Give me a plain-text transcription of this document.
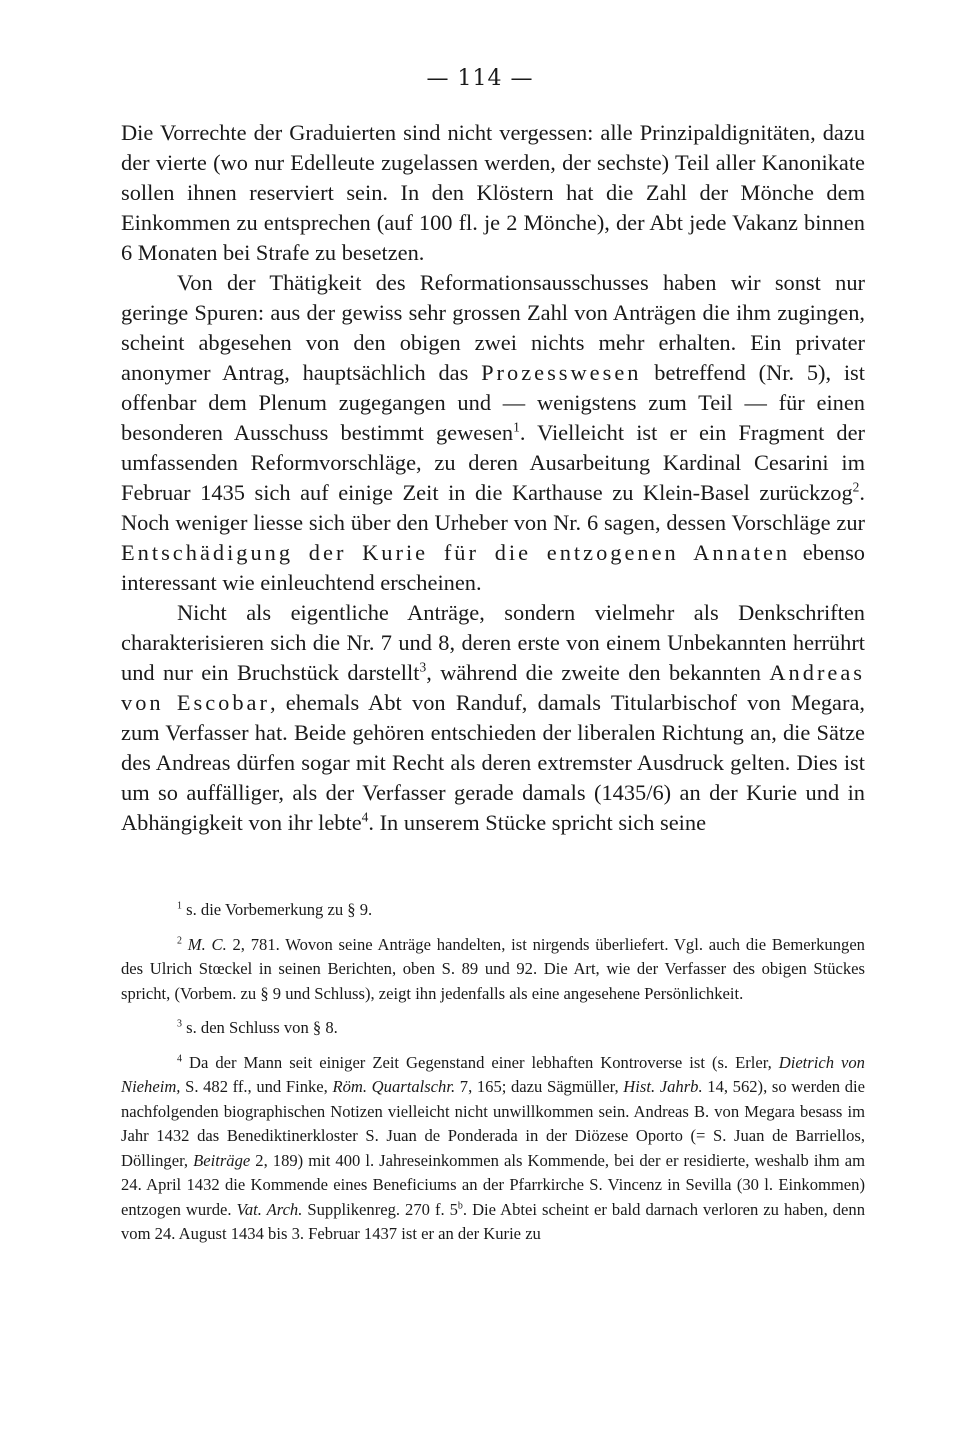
— 114 —

Die Vorrechte der Graduierten sind nicht vergessen: alle Prinzipaldignitäten, dazu der vierte (wo nur Edelleute zugelassen werden, der sechste) Teil aller Kanonikate sollen ihnen reserviert sein. In den Klöstern hat die Zahl der Mönche dem Einkommen zu entsprechen (auf 100 fl. je 2 Mönche), der Abt jede Vakanz binnen 6 Monaten bei Strafe zu besetzen.

Von der Thätigkeit des Reformationsausschusses haben wir sonst nur geringe Spuren: aus der gewiss sehr grossen Zahl von Anträgen die ihm zugingen, scheint abgesehen von den obigen zwei nichts mehr erhalten. Ein privater anonymer Antrag, hauptsächlich das Prozesswesen betreffend (Nr. 5), ist offenbar dem Plenum zugegangen und — wenigstens zum Teil — für einen besonderen Ausschuss bestimmt gewesen$^1$. Vielleicht ist er ein Fragment der umfassenden Reformvorschläge, zu deren Ausarbeitung Kardinal Cesarini im Februar 1435 sich auf einige Zeit in die Karthause zu Klein-Basel zurückzog$^2$. Noch weniger liesse sich über den Urheber von Nr. 6 sagen, dessen Vorschläge zur Entschädigung der Kurie für die entzogenen Annaten ebenso interessant wie einleuchtend erscheinen.

Nicht als eigentliche Anträge, sondern vielmehr als Denkschriften charakterisieren sich die Nr. 7 und 8, deren erste von einem Unbekannten herrührt und nur ein Bruchstück darstellt$^3$, während die zweite den bekannten Andreas von Escobar, ehemals Abt von Randuf, damals Titularbischof von Megara, zum Verfasser hat. Beide gehören entschieden der liberalen Richtung an, die Sätze des Andreas dürfen sogar mit Recht als deren extremster Ausdruck gelten. Dies ist um so auffälliger, als der Verfasser gerade damals (1435/6) an der Kurie und in Abhängigkeit von ihr lebte$^4$. In unserem Stücke spricht sich seine

$^1$ s. die Vorbemerkung zu § 9.

$^2$ M. C. 2, 781. Wovon seine Anträge handelten, ist nirgends überliefert. Vgl. auch die Bemerkungen des Ulrich Stœckel in seinen Berichten, oben S. 89 und 92. Die Art, wie der Verfasser des obigen Stückes spricht, (Vorbem. zu § 9 und Schluss), zeigt ihn jedenfalls als eine angesehene Persönlichkeit.

$^3$ s. den Schluss von § 8.

$^4$ Da der Mann seit einiger Zeit Gegenstand einer lebhaften Kontroverse ist (s. Erler, Dietrich von Nieheim, S. 482 ff., und Finke, Röm. Quartalschr. 7, 165; dazu Sägmüller, Hist. Jahrb. 14, 562), so werden die nachfolgenden biographischen Notizen vielleicht nicht unwillkommen sein. Andreas B. von Megara besass im Jahr 1432 das Benediktinerkloster S. Juan de Ponderada in der Diözese Oporto (= S. Juan de Barriellos, Döllinger, Beiträge 2, 189) mit 400 l. Jahreseinkommen als Kommende, bei der er residierte, weshalb ihm am 24. April 1432 die Kommende eines Beneficiums an der Pfarrkirche S. Vincenz in Sevilla (30 l. Einkommen) entzogen wurde. Vat. Arch. Supplikenreg. 270 f. 5$^b$. Die Abtei scheint er bald darnach verloren zu haben, denn vom 24. August 1434 bis 3. Februar 1437 ist er an der Kurie zu
